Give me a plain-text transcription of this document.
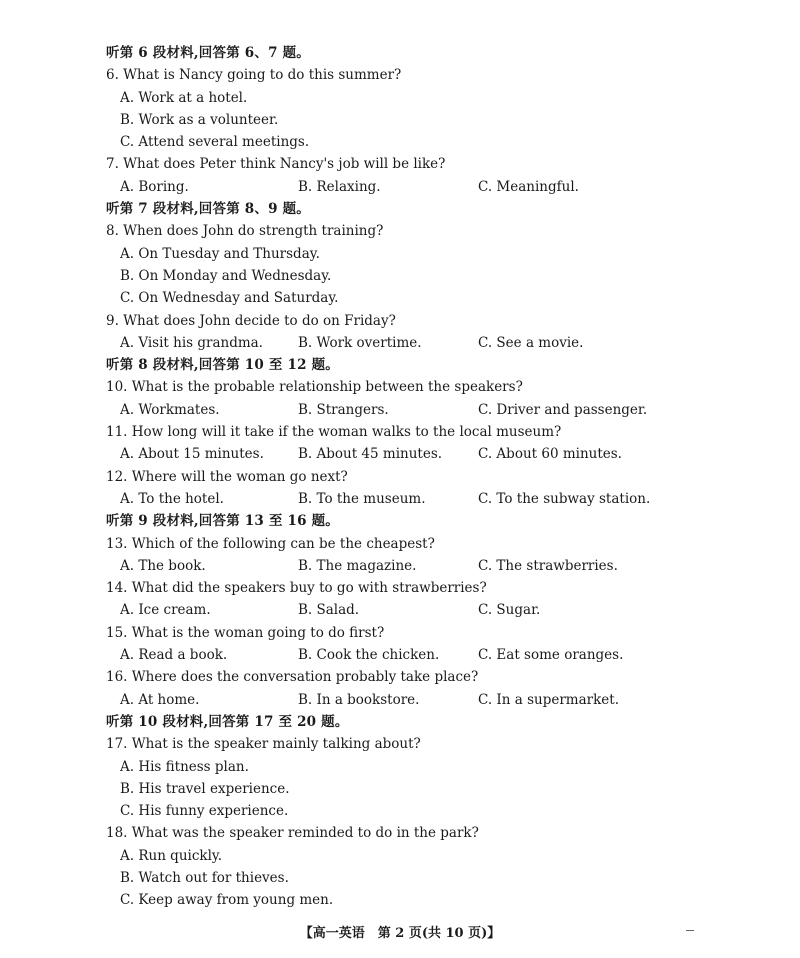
听第 6 段材料,回答第 6、7 题。
6. What is Nancy going to do this summer?
A. Work at a hotel.
B. Work as a volunteer.
C. Attend several meetings.
7. What does Peter think Nancy's job will be like?
A. Boring.	B. Relaxing.	C. Meaningful.
听第 7 段材料,回答第 8、9 题。
8. When does John do strength training?
A. On Tuesday and Thursday.
B. On Monday and Wednesday.
C. On Wednesday and Saturday.
9. What does John decide to do on Friday?
A. Visit his grandma.	B. Work overtime.	C. See a movie.
听第 8 段材料,回答第 10 至 12 题。
10. What is the probable relationship between the speakers?
A. Workmates.	B. Strangers.	C. Driver and passenger.
11. How long will it take if the woman walks to the local museum?
A. About 15 minutes.	B. About 45 minutes.	C. About 60 minutes.
12. Where will the woman go next?
A. To the hotel.	B. To the museum.	C. To the subway station.
听第 9 段材料,回答第 13 至 16 题。
13. Which of the following can be the cheapest?
A. The book.	B. The magazine.	C. The strawberries.
14. What did the speakers buy to go with strawberries?
A. Ice cream.	B. Salad.	C. Sugar.
15. What is the woman going to do first?
A. Read a book.	B. Cook the chicken.	C. Eat some oranges.
16. Where does the conversation probably take place?
A. At home.	B. In a bookstore.	C. In a supermarket.
听第 10 段材料,回答第 17 至 20 题。
17. What is the speaker mainly talking about?
A. His fitness plan.
B. His travel experience.
C. His funny experience.
18. What was the speaker reminded to do in the park?
A. Run quickly.
B. Watch out for thieves.
C. Keep away from young men.
【高一英语　第 2 页(共 10 页)】
